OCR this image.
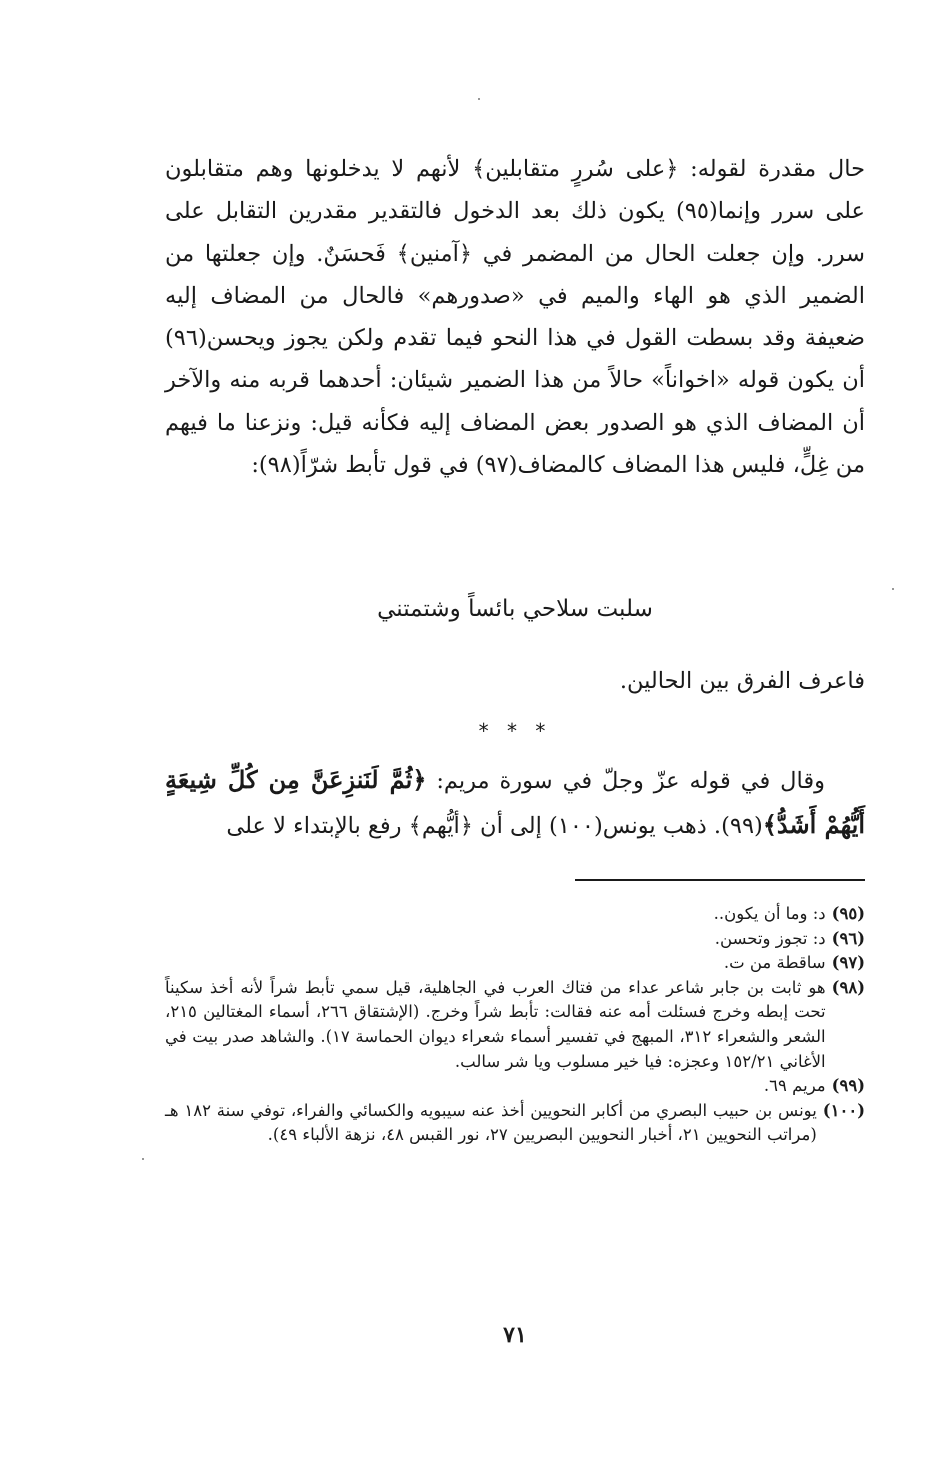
حال مقدرة لقوله: ﴿على سُررٍ متقابلين﴾ لأنهم لا يدخلونها وهم متقابلون على سرر وإنما(٩٥) يكون ذلك بعد الدخول فالتقدير مقدرين التقابل على سرر. وإن جعلت الحال من المضمر في ﴿آمنين﴾ فَحسَنٌ. وإن جعلتها من الضمير الذي هو الهاء والميم في «صدورهم» فالحال من المضاف إليه ضعيفة وقد بسطت القول في هذا النحو فيما تقدم ولكن يجوز ويحسن(٩٦) أن يكون قوله «اخواناً» حالاً من هذا الضمير شيئان: أحدهما قربه منه والآخر أن المضاف الذي هو الصدور بعض المضاف إليه فكأنه قيل: ونزعنا ما فيهم من غِلٍّ، فليس هذا المضاف كالمضاف(٩٧) في قول تأبط شرّاً(٩٨):

سلبت سلاحي بائساً وشتمتني
فاعرف الفرق بين الحالين.
* * *

وقال في قوله عزّ وجلّ في سورة مريم: ﴿ثُمَّ لَنَنزِعَنَّ مِن كُلِّ شِيعَةٍ أَيُّهُمْ أَشَدُّ﴾(٩٩). ذهب يونس(١٠٠) إلى أن ﴿أيُّهم﴾ رفع بالإبتداء لا على

(٩٥)
د: وما أن يكون..
(٩٦)
د: تجوز وتحسن.
(٩٧)
ساقطة من ت.
(٩٨)
هو ثابت بن جابر شاعر عداء من فتاك العرب في الجاهلية، قيل سمي تأبط شراً لأنه أخذ سكيناً تحت إبطه وخرج فسئلت أمه عنه فقالت: تأبط شراً وخرج. (الإشتقاق ٢٦٦، أسماء المغتالين ٢١٥، الشعر والشعراء ٣١٢، المبهج في تفسير أسماء شعراء ديوان الحماسة ١٧). والشاهد صدر بيت في الأغاني ١٥٢/٢١ وعجزه: فيا خير مسلوب ويا شر سالب.
(٩٩)
مريم ٦٩.
(١٠٠)
يونس بن حبيب البصري من أكابر النحويين أخذ عنه سيبويه والكسائي والفراء، توفي سنة ١٨٢ هـ (مراتب النحويين ٢١، أخبار النحويين البصريين ٢٧، نور القبس ٤٨، نزهة الألباء ٤٩).
٧١
